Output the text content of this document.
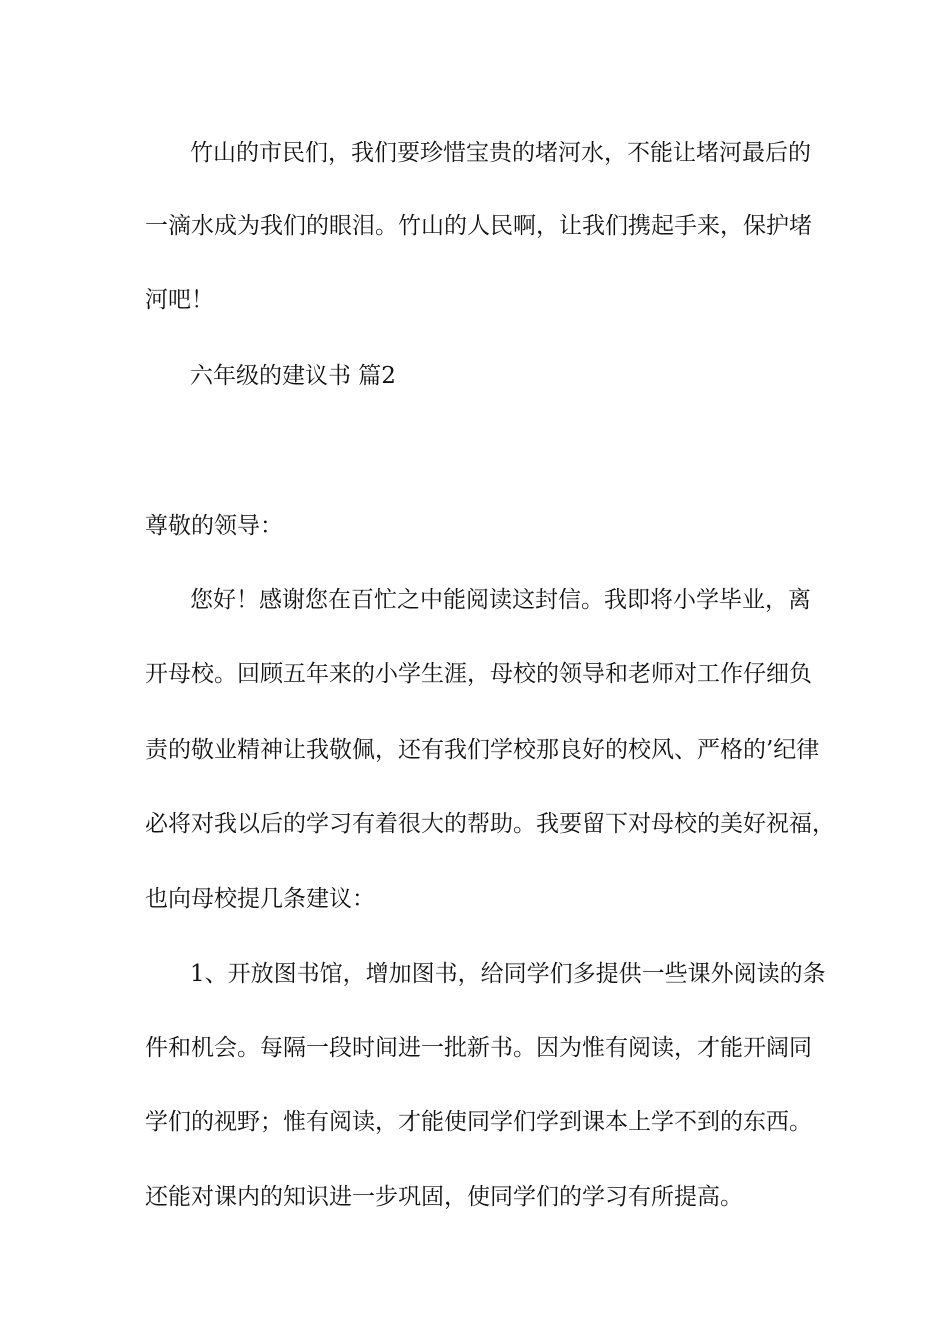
竹山的市民们，我们要珍惜宝贵的堵河水，不能让堵河最后的
一滴水成为我们的眼泪。竹山的人民啊，让我们携起手来，保护堵
河吧！
六年级的建议书 篇2
尊敬的领导：
您好！感谢您在百忙之中能阅读这封信。我即将小学毕业，离
开母校。回顾五年来的小学生涯，母校的领导和老师对工作仔细负
责的敬业精神让我敬佩，还有我们学校那良好的校风、严格的’纪律
必将对我以后的学习有着很大的帮助。我要留下对母校的美好祝福，
也向母校提几条建议：
1、开放图书馆，增加图书，给同学们多提供一些课外阅读的条
件和机会。每隔一段时间进一批新书。因为惟有阅读，才能开阔同
学们的视野；惟有阅读，才能使同学们学到课本上学不到的东西。
还能对课内的知识进一步巩固，使同学们的学习有所提高。
